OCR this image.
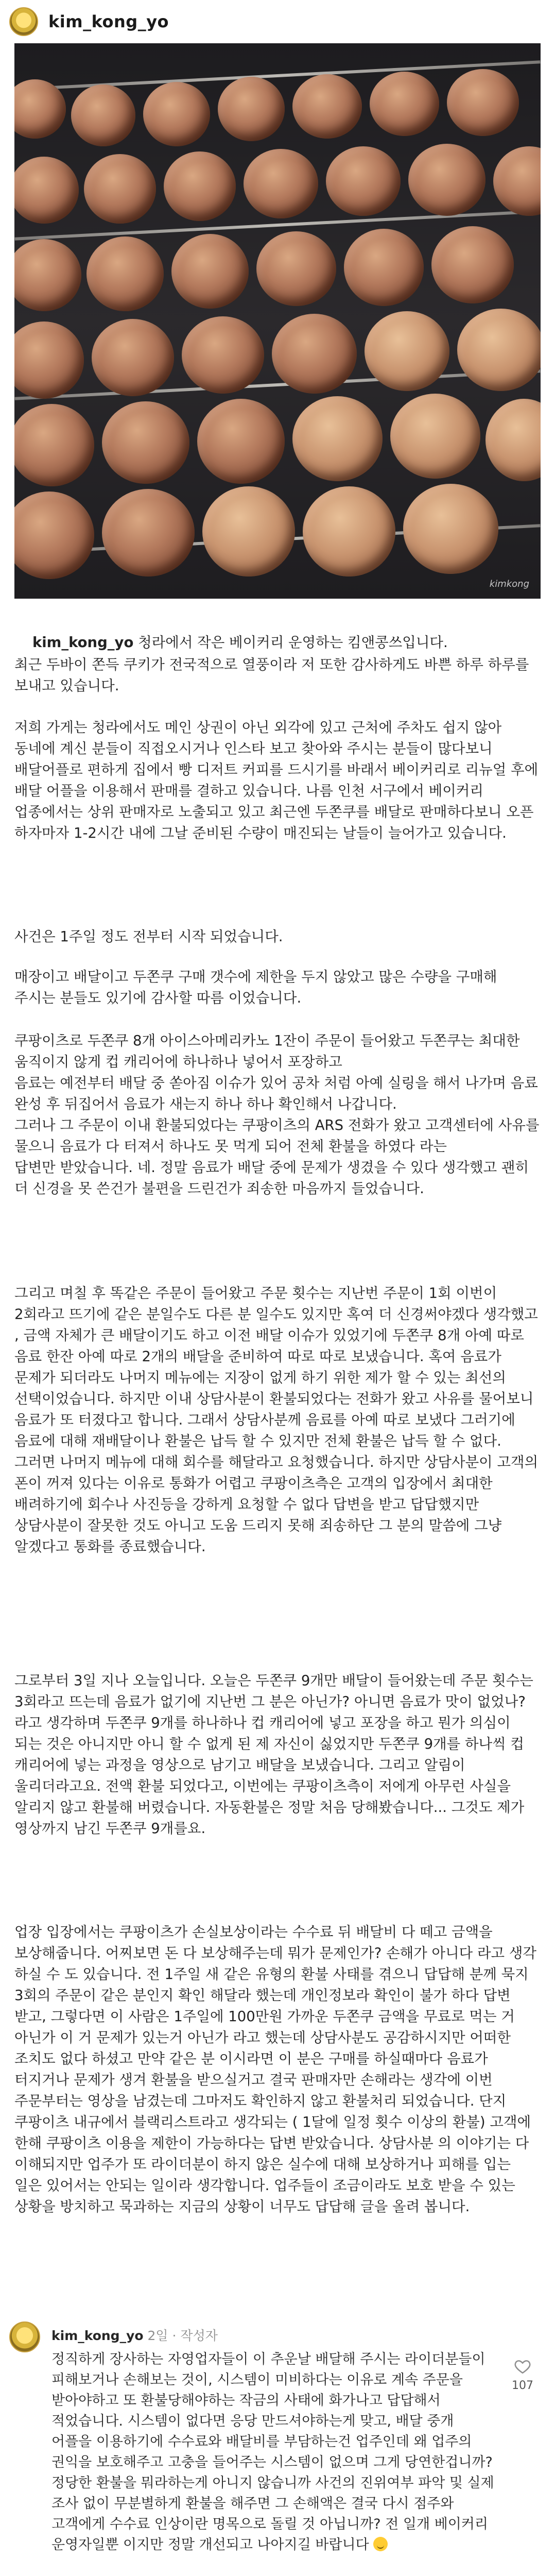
kim_kong_yo
kimkong

kim_kong_yo 청라에서 작은 베이커리 운영하는 킴앤콩쓰입니다.

최근 두바이 쫀득 쿠키가 전국적으로 열풍이라 저 또한 감사하게도 바쁜 하루 하루를 보내고 있습니다.
저희 가게는 청라에서도 메인 상권이 아닌 외각에 있고 근처에 주차도 쉽지 않아 동네에 계신 분들이 직접오시거나 인스타 보고 찾아와 주시는 분들이 많다보니 배달어플로 편하게 집에서 빵 디저트 커피를 드시기를 바래서 베이커리로 리뉴얼 후에 배달 어플을 이용해서 판매를 결하고 있습니다. 나름 인천 서구에서 베이커리 업종에서는 상위 판매자로 노출되고 있고 최근엔 두쫀쿠를 배달로 판매하다보니 오픈 하자마자 1-2시간 내에 그날 준비된 수량이 매진되는 날들이 늘어가고 있습니다.
사건은 1주일 정도 전부터 시작 되었습니다.
매장이고 배달이고 두쫀쿠 구매 갯수에 제한을 두지 않았고 많은 수량을 구매해 주시는 분들도 있기에 감사할 따름 이었습니다.
쿠팡이츠로 두쫀쿠 8개 아이스아메리카노 1잔이 주문이 들어왔고 두쫀쿠는 최대한 움직이지 않게 컵 캐리어에 하나하나 넣어서 포장하고
음료는 예전부터 배달 중 쏟아짐 이슈가 있어 공차 처럼 아예 실링을 해서 나가며 음료 완성 후 뒤집어서 음료가 새는지 하나 하나 확인해서 나갑니다.
그러나 그 주문이 이내 환불되었다는 쿠팡이츠의 ARS 전화가 왔고 고객센터에 사유를 물으니 음료가 다 터져서 하나도 못 먹게 되어 전체 환불을 하였다 라는
답변만 받았습니다. 네. 정말 음료가 배달 중에 문제가 생겼을 수 있다 생각했고 괜히 더 신경을 못 쓴건가 불편을 드린건가 죄송한 마음까지 들었습니다.
그리고 며칠 후 똑같은 주문이 들어왔고 주문 횟수는 지난번 주문이 1회 이번이 2회라고 뜨기에 같은 분일수도 다른 분 일수도 있지만 혹여 더 신경써야겠다 생각했고 , 금액 자체가 큰 배달이기도 하고 이전 배달 이슈가 있었기에 두쫀쿠 8개 아예 따로 음료 한잔 아예 따로 2개의 배달을 준비하여 따로 따로 보냈습니다. 혹여 음료가 문제가 되더라도 나머지 메뉴에는 지장이 없게 하기 위한 제가 할 수 있는 최선의 선택이었습니다. 하지만 이내 상담사분이 환불되었다는 전화가 왔고 사유를 물어보니 음료가 또 터졌다고 합니다. 그래서 상담사분께 음료를 아예 따로 보냈다 그러기에 음료에 대해 재배달이나 환불은 납득 할 수 있지만 전체 환불은 납득 할 수 없다. 그러면 나머지 메뉴에 대해 회수를 해달라고 요청했습니다. 하지만 상담사분이 고객의 폰이 꺼져 있다는 이유로 통화가 어렵고 쿠팡이츠측은 고객의 입장에서 최대한 배려하기에 회수나 사진등을 강하게 요청할 수 없다 답변을 받고 답답했지만 상담사분이 잘못한 것도 아니고 도움 드리지 못해 죄송하단 그 분의 말씀에 그냥 알겠다고 통화를 종료했습니다.
그로부터 3일 지나 오늘입니다. 오늘은 두쫀쿠 9개만 배달이 들어왔는데 주문 횟수는 3회라고 뜨는데 음료가 없기에 지난번 그 분은 아닌가? 아니면 음료가 맛이 없었나? 라고 생각하며 두쫀쿠 9개를 하나하나 컵 캐리어에 넣고 포장을 하고 뭔가 의심이 되는 것은 아니지만 아니 할 수 없게 된 제 자신이 싫었지만 두쫀쿠 9개를 하나씩 컵 캐리어에 넣는 과정을 영상으로 남기고 배달을 보냈습니다. 그리고 알림이 울리더라고요. 전액 환불 되었다고, 이번에는 쿠팡이츠측이 저에게 아무런 사실을 알리지 않고 환불해 버렸습니다. 자동환불은 정말 처음 당해봤습니다... 그것도 제가 영상까지 남긴 두쫀쿠 9개를요.
업장 입장에서는 쿠팡이츠가 손실보상이라는 수수료 뒤 배달비 다 떼고 금액을 보상해줍니다. 어찌보면 돈 다 보상해주는데 뭐가 문제인가? 손해가 아니다 라고 생각 하실 수 도 있습니다. 전 1주일 새 같은 유형의 환불 사태를 겪으니 답답해 분께 묵지 3회의 주문이 같은 분인지 확인 해달라 했는데 개인정보라 확인이 불가 하다 답변 받고, 그렇다면 이 사람은 1주일에 100만원 가까운 두쫀쿠 금액을 무료로 먹는 거 아닌가 이 거 문제가 있는거 아닌가 라고 했는데 상담사분도 공감하시지만 어떠한 조치도 없다 하셨고 만약 같은 분 이시라면 이 분은 구매를 하실때마다 음료가 터지거나 문제가 생겨 환불을 받으실거고 결국 판매자만 손해라는 생각에 이번 주문부터는 영상을 남겼는데 그마저도 확인하지 않고 환불처리 되었습니다. 단지 쿠팡이츠 내규에서 블랙리스트라고 생각되는 ( 1달에 일정 횟수 이상의 환불) 고객에 한해 쿠팡이츠 이용을 제한이 가능하다는 답변 받았습니다. 상담사분 의 이야기는 다 이해되지만 업주가 또 라이더분이 하지 않은 실수에 대해 보상하거나 피해를 입는 일은 있어서는 안되는 일이라 생각합니다. 업주들이 조금이라도 보호 받을 수 있는 상황을 방치하고 묵과하는 지금의 상황이 너무도 답답해 글을 올려 봅니다.
kim_kong_yo 2일 · 작성자
정직하게 장사하는 자영업자들이 이 추운날 배달해 주시는 라이더분들이 피해보거나 손해보는 것이, 시스템이 미비하다는 이유로 계속 주문을 받아야하고 또 환불당해야하는 작금의 사태에 화가나고 답답해서 적었습니다. 시스템이 없다면 응당 만드셔야하는게 맞고, 배달 중개 어플을 이용하기에 수수료와 배달비를 부담하는건 업주인데 왜 업주의 권익을 보호해주고 고충을 들어주는 시스템이 없으며 그게 당연한겁니까? 정당한 환불을 뭐라하는게 아니지 않습니까 사건의 진위여부 파악 및 실제 조사 없이 무분별하게 환불을 해주면 그 손해액은 결국 다시 점주와 고객에게 수수료 인상이란 명목으로 돌릴 것 아닙니까? 전 일개 베이커리 운영자일뿐 이지만 정말 개선되고 나아지길 바랍니다
107
